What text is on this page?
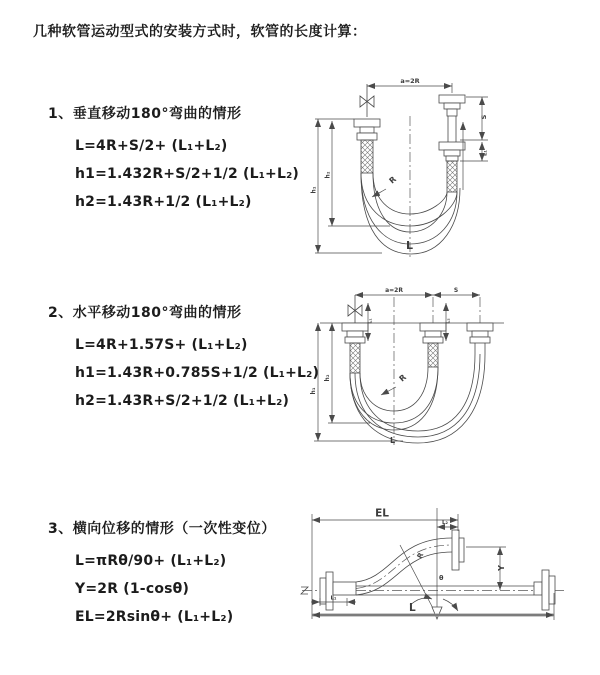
几种软管运动型式的安装方式时，软管的长度计算：
1、垂直移动180°弯曲的情形
L=4R+S/2+ (L₁+L₂)
h1=1.432R+S/2+1/2 (L₁+L₂)
h2=1.43R+1/2 (L₁+L₂)
2、水平移动180°弯曲的情形
L=4R+1.57S+ (L₁+L₂)
h1=1.43R+0.785S+1/2 (L₁+L₂)
h2=1.43R+S/2+1/2 (L₁+L₂)
3、横向位移的情形（一次性变位）
L=πRθ/90+ (L₁+L₂)
Y=2R (1-cosθ)
EL=2Rsinθ+ (L₁+L₂)
a=2R
h₁
h₂
S
L₁
R
L
a=2R	S
h₁
h₂
L₁	L₂
R
L
EL
L₂
Y
R
θ
L
L₁
